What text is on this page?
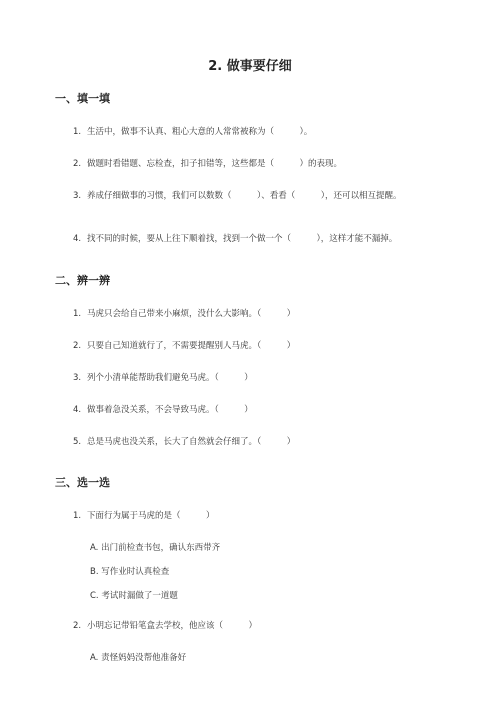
2. 做事要仔细
一、填一填
1. 生活中，做事不认真、粗心大意的人常常被称为（　　　）。
2. 做题时看错题、忘检查，扣子扣错等，这些都是（　　　）的表现。
3. 养成仔细做事的习惯，我们可以数数（　　　）、看看（　　　），还可以相互提醒。
4. 找不同的时候，要从上往下顺着找，找到一个做一个（　　　），这样才能不漏掉。
二、辨一辨
1. 马虎只会给自己带来小麻烦，没什么大影响。（　　　）
2. 只要自己知道就行了，不需要提醒别人马虎。（　　　）
3. 列个小清单能帮助我们避免马虎。（　　　）
4. 做事着急没关系，不会导致马虎。（　　　）
5. 总是马虎也没关系，长大了自然就会仔细了。（　　　）
三、选一选
1. 下面行为属于马虎的是（　　　）
A. 出门前检查书包，确认东西带齐
B. 写作业时认真检查
C. 考试时漏做了一道题
2. 小明忘记带铅笔盒去学校，他应该（　　　）
A. 责怪妈妈没帮他准备好
